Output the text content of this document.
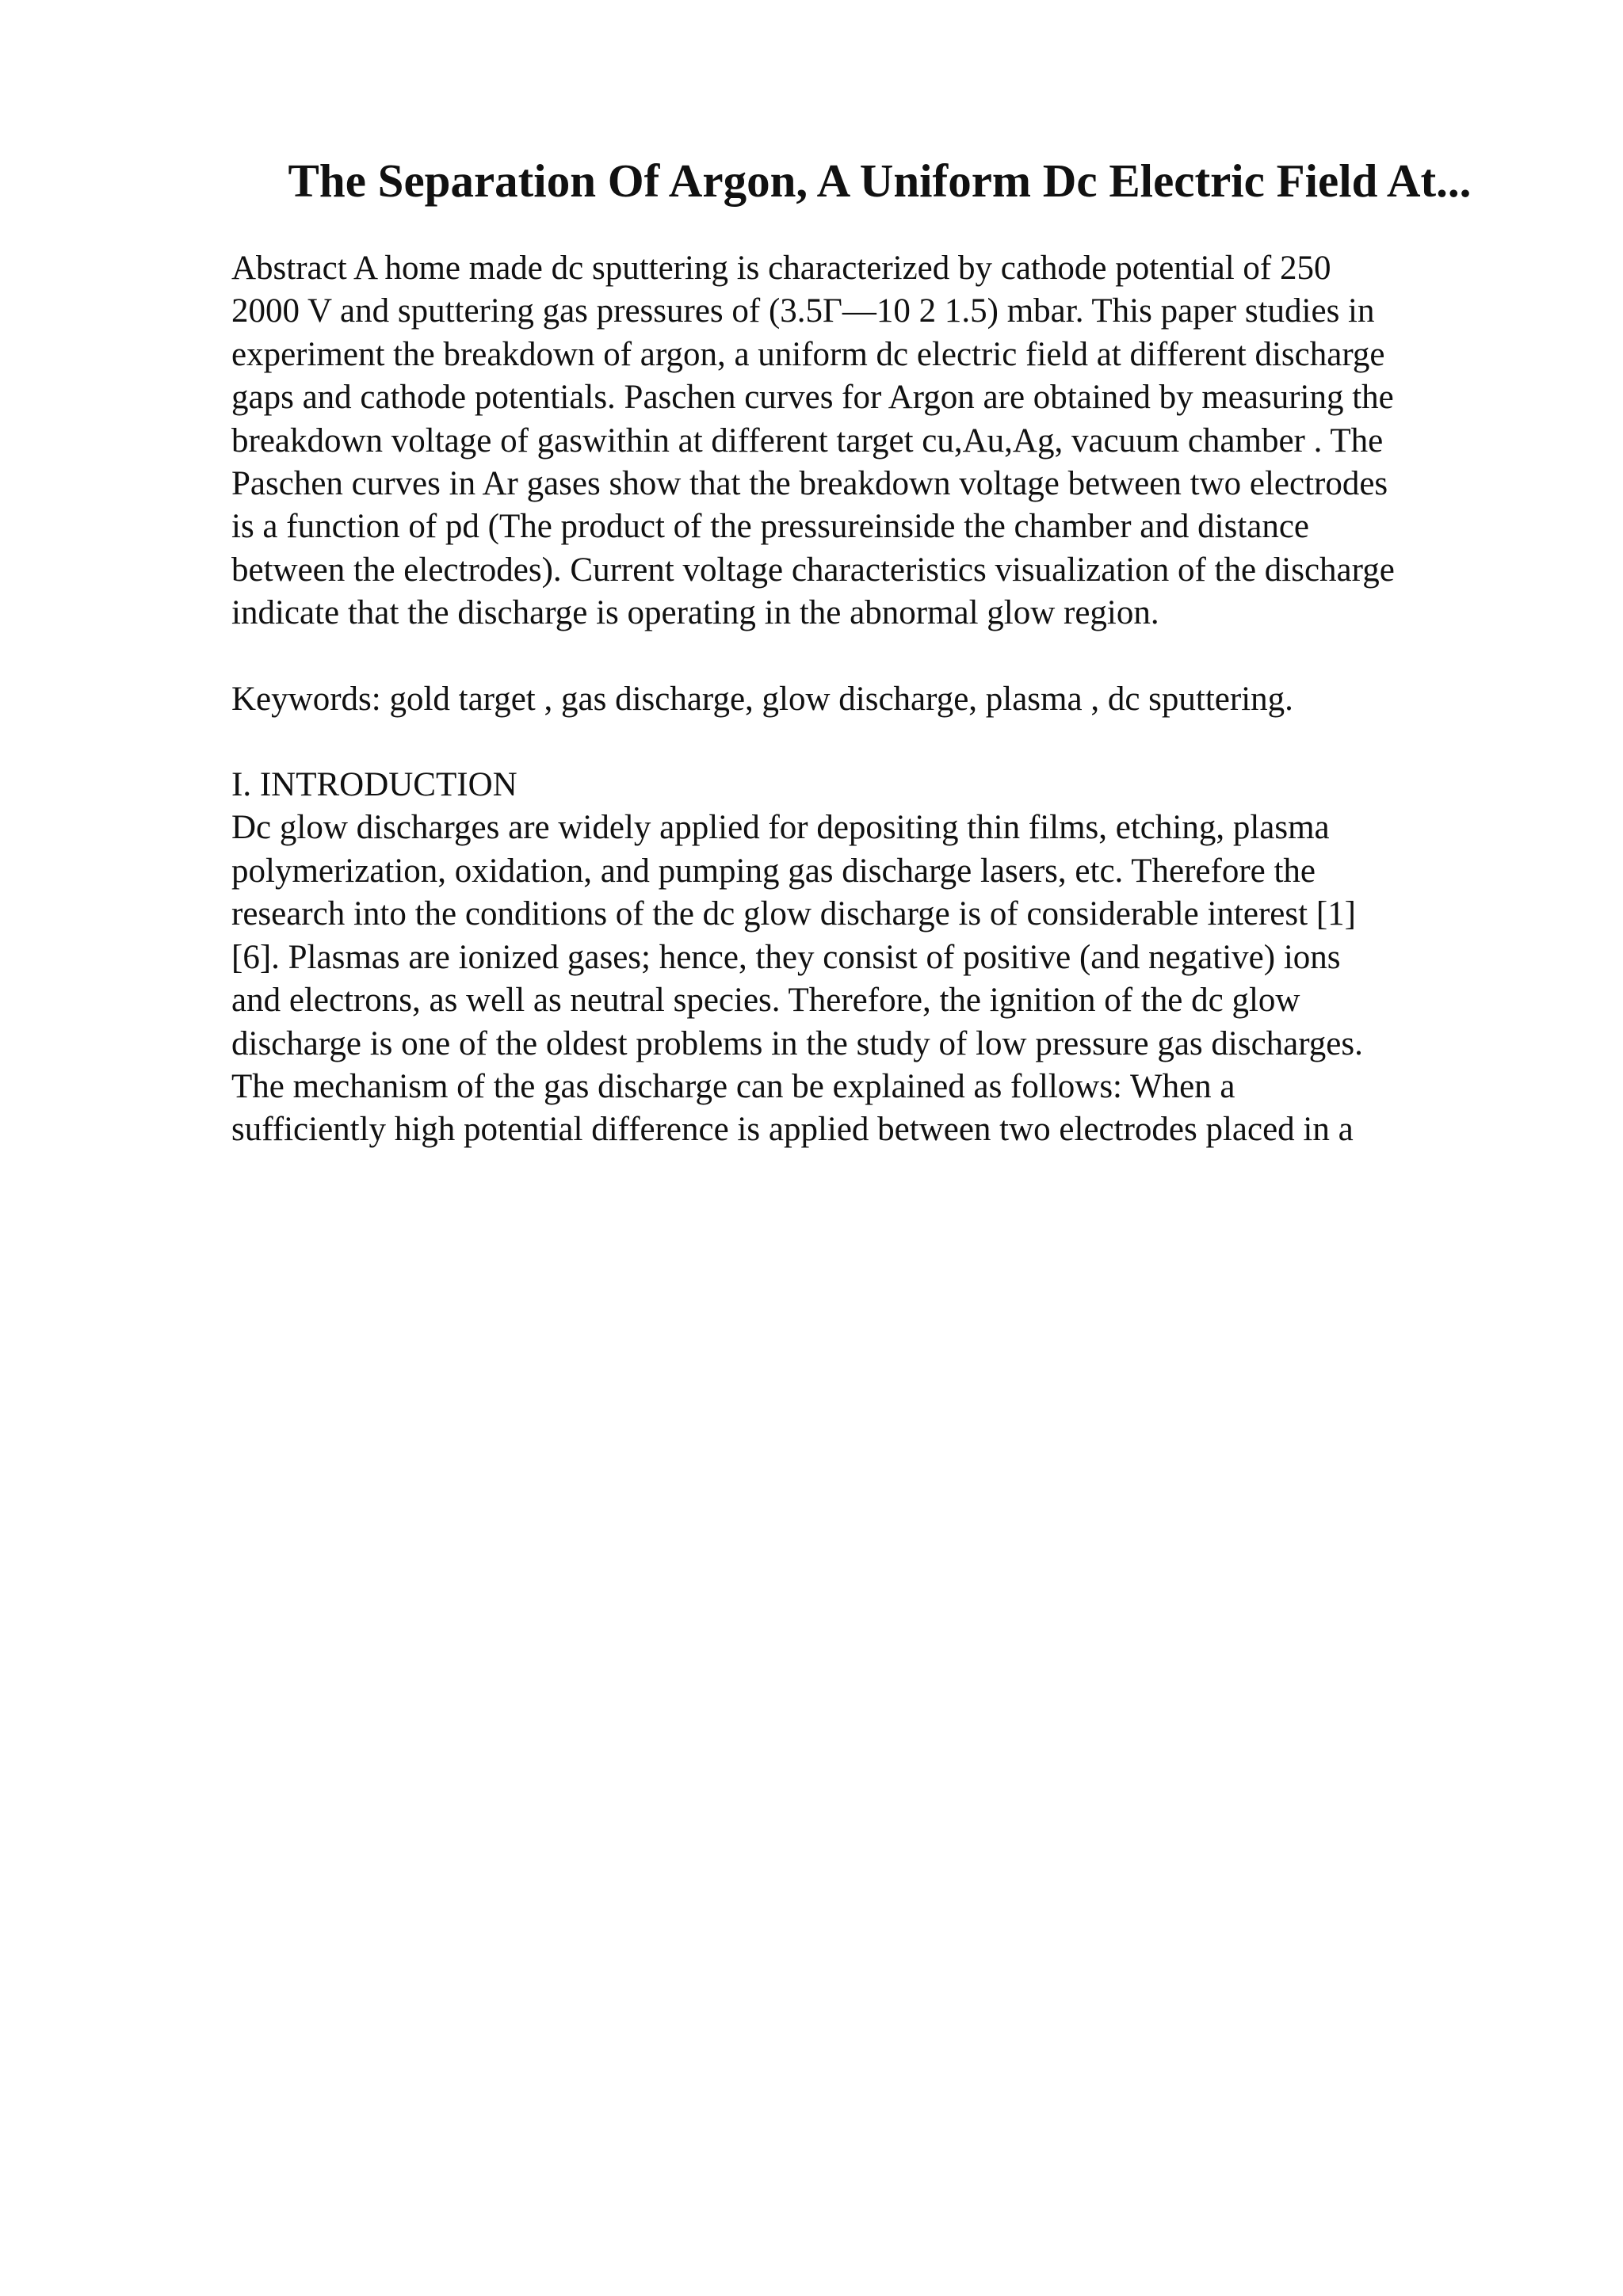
The Separation Of Argon, A Uniform Dc Electric Field At...

Abstract A home made dc sputtering is characterized by cathode potential of 250
2000 V and sputtering gas pressures of (3.5Γ—10 2 1.5) mbar. This paper studies in
experiment the breakdown of argon, a uniform dc electric field at different discharge
gaps and cathode potentials. Paschen curves for Argon are obtained by measuring the
breakdown voltage of gaswithin at different target cu,Au,Ag, vacuum chamber . The
Paschen curves in Ar gases show that the breakdown voltage between two electrodes
is a function of pd (The product of the pressureinside the chamber and distance
between the electrodes). Current voltage characteristics visualization of the discharge
indicate that the discharge is operating in the abnormal glow region.

Keywords: gold target , gas discharge, glow discharge, plasma , dc sputtering.

I. INTRODUCTION

Dc glow discharges are widely applied for depositing thin films, etching, plasma
polymerization, oxidation, and pumping gas discharge lasers, etc. Therefore the
research into the conditions of the dc glow discharge is of considerable interest [1]
[6]. Plasmas are ionized gases; hence, they consist of positive (and negative) ions
and electrons, as well as neutral species. Therefore, the ignition of the dc glow
discharge is one of the oldest problems in the study of low pressure gas discharges.
The mechanism of the gas discharge can be explained as follows: When a
sufficiently high potential difference is applied between two electrodes placed in a
